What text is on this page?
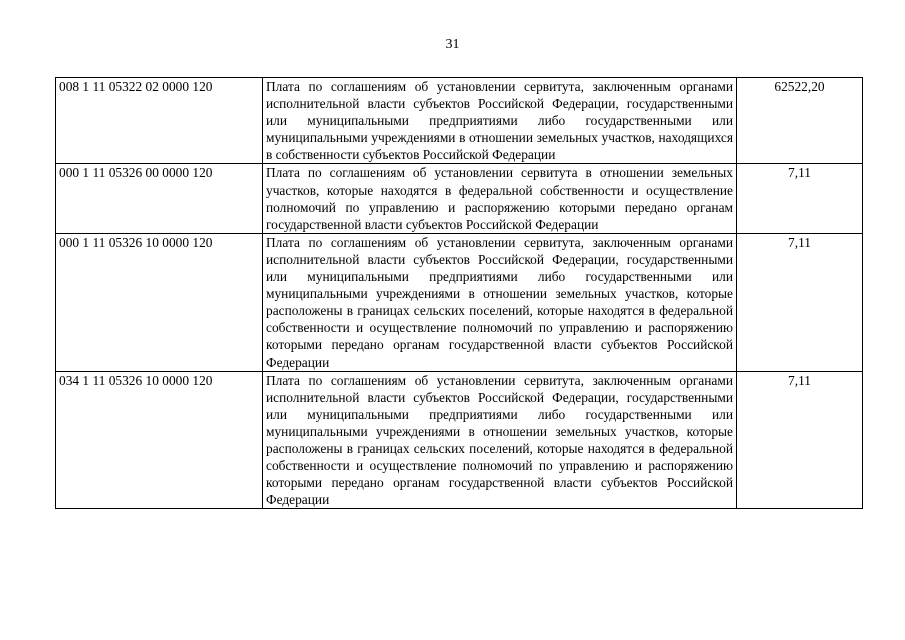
31
008 1 11 05322 02 0000 120	Плата по соглашениям об установлении сервитута, заключенным органами исполнительной власти субъектов Российской Федерации, государственными или муниципальными предприятиями либо государственными или муниципальными учреждениями в отношении земельных участков, находящихся в собственности субъектов Российской Федерации	62522,20
000 1 11 05326 00 0000 120	Плата по соглашениям об установлении сервитута в отношении земельных участков, которые находятся в федеральной собственности и осуществление полномочий по управлению и распоряжению которыми передано органам государственной власти субъектов Российской Федерации	7,11
000 1 11 05326 10 0000 120	Плата по соглашениям об установлении сервитута, заключенным органами исполнительной власти субъектов Российской Федерации, государственными или муниципальными предприятиями либо государственными или муниципальными учреждениями в отношении земельных участков, которые расположены в границах сельских поселений, которые находятся в федеральной собственности и осуществление полномочий по управлению и распоряжению которыми передано органам государственной власти субъектов Российской Федерации	7,11
034 1 11 05326 10 0000 120	Плата по соглашениям об установлении сервитута, заключенным органами исполнительной власти субъектов Российской Федерации, государственными или муниципальными предприятиями либо государственными или муниципальными учреждениями в отношении земельных участков, которые расположены в границах сельских поселений, которые находятся в федеральной собственности и осуществление полномочий по управлению и распоряжению которыми передано органам государственной власти субъектов Российской Федерации	7,11
